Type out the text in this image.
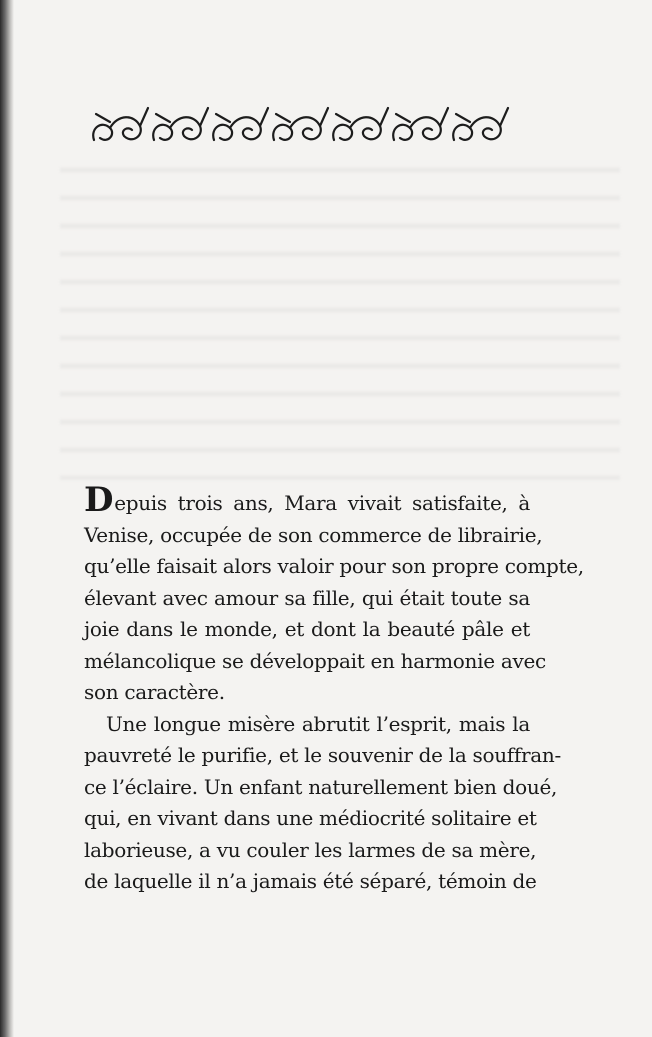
Depuis trois ans, Mara vivait satisfaite, à
Venise, occupée de son commerce de librairie,
qu’elle faisait alors valoir pour son propre compte,
élevant avec amour sa fille, qui était toute sa
joie dans le monde, et dont la beauté pâle et
mélancolique se développait en harmonie avec
son caractère.

Une longue misère abrutit l’esprit, mais la
pauvreté le purifie, et le souvenir de la souffran-
ce l’éclaire. Un enfant naturellement bien doué,
qui, en vivant dans une médiocrité solitaire et
laborieuse, a vu couler les larmes de sa mère,
de laquelle il n’a jamais été séparé, témoin de
